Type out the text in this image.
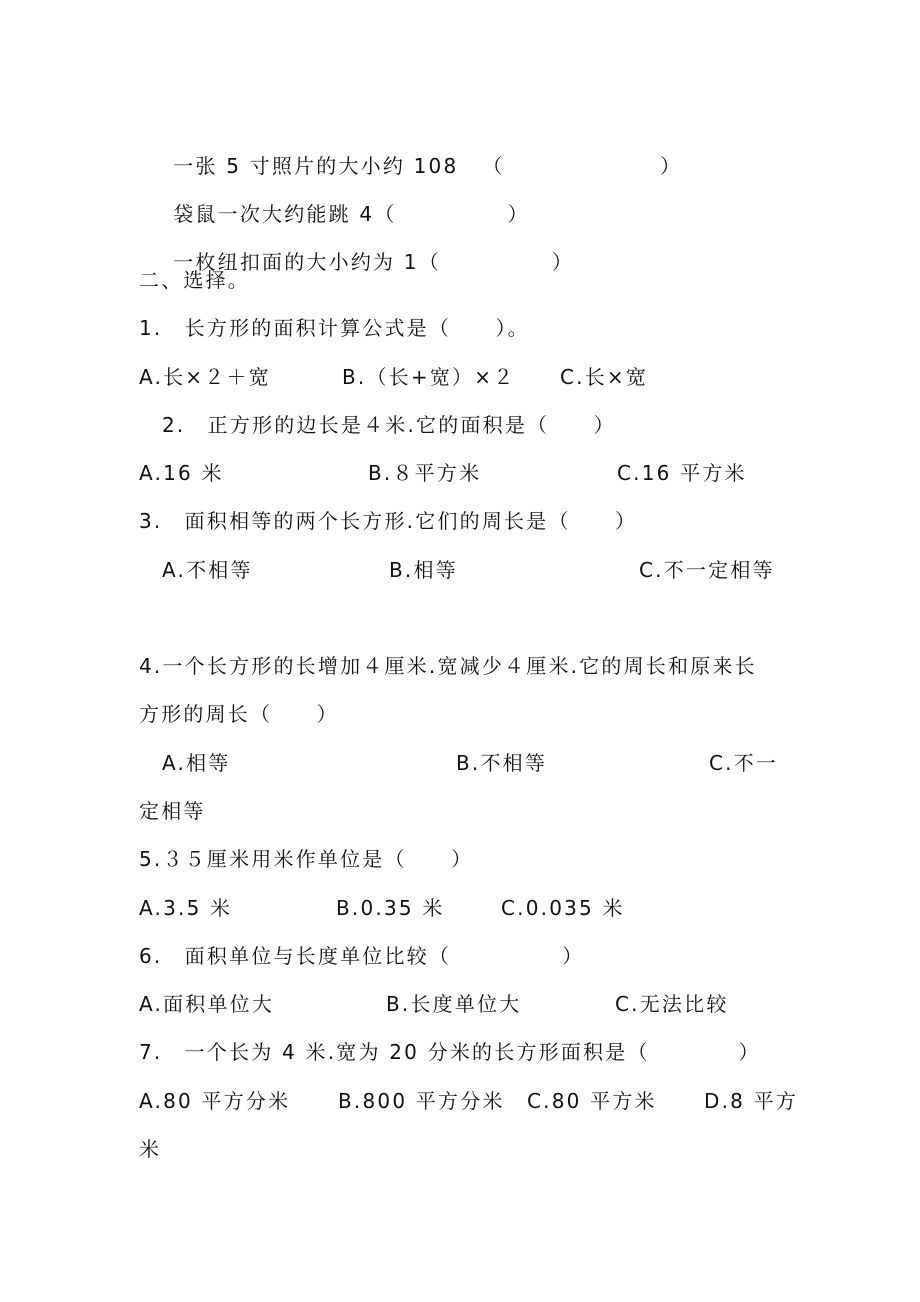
一张 5 寸照片的大小约 108 （　　　　　　　）

袋鼠一次大约能跳 4（　　　　　）

一枚纽扣面的大小约为 1（　　　　　）

二、选择。
1.　长方形的面积计算公式是（　　）。
A.长×２＋宽	B.（长+宽）×２ C.长×宽
2.　正方形的边长是４米.它的面积是（　　）
A.16 米	B.８平方米	C.16 平方米
3.　面积相等的两个长方形.它们的周长是（　　）
A.不相等	B.相等	C.不一定相等
4.一个长方形的长增加４厘米.宽减少４厘米.它的周长和原来长
方形的周长（　　）
A.相等	B.不相等	C.不一
定相等
5.３５厘米用米作单位是（　　）
A.3.5 米	B.0.35 米	C.0.035 米
6.　面积单位与长度单位比较（　　　　　）
A.面积单位大	B.长度单位大	C.无法比较
7.　一个长为 4 米.宽为 20 分米的长方形面积是（　　　　）
A.80 平方分米 B.800 平方分米 C.80 平方米 D.8 平方
米
